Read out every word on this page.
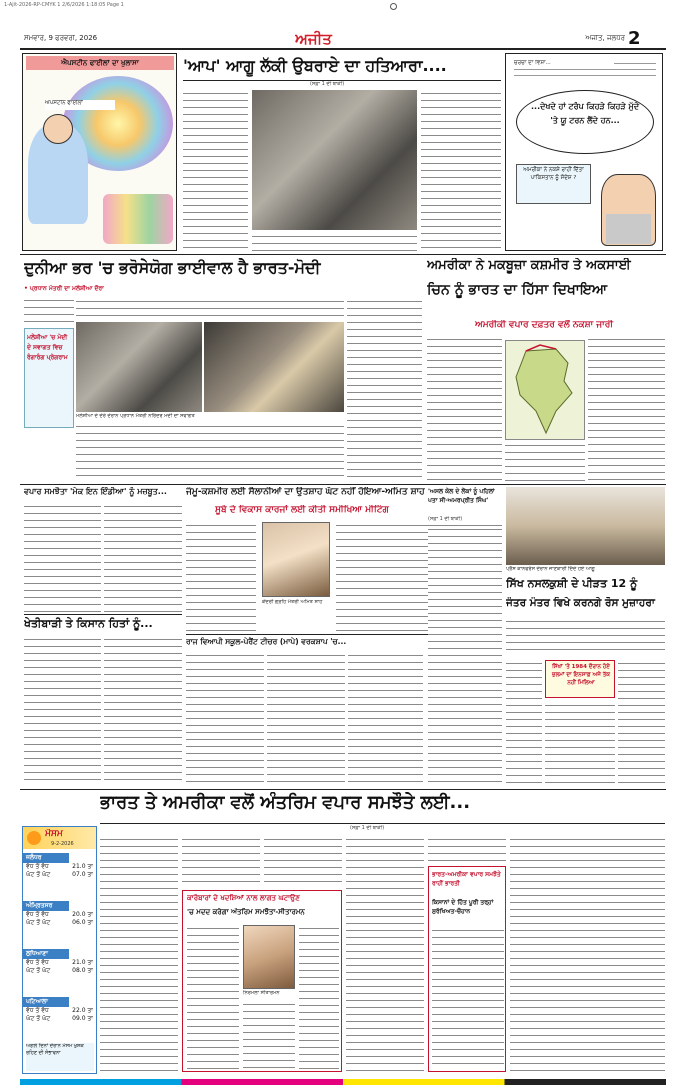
1-Ajit-2026-RP-CMYK 1 2/6/2026 1:18:05 Page 1
ਸੋਮਵਾਰ, 9 ਫਰਵਰੀ, 2026	ਅਜੀਤ	ਅਜੀਤ, ਜਲੰਧਰ 2
ਐਪਸਟੀਨ ਫਾਈਲਾਂ ਦਾ ਖੁਲਾਸਾ
ਐਪਸਟੀਨ ਫਾਈਲਾਂ
'ਆਪ' ਆਗੂ ਲੱਕੀ ਉਬਰਾਏ ਦਾ ਹਤਿਆਰਾ....
(ਸਫ਼ਾ 1 ਦੀ ਬਾਕੀ)
ਚਰਚਾ ਦਾ ਵਿਸ਼ਾ...
...ਦੇਖਦੇ ਹਾਂ ਟਰੰਪ ਕਿਹੜੇ ਕਿਹੜੇ ਮੁੱਦੇ 'ਤੇ ਯੂ ਟਰਨ ਲੈਂਦੇ ਹਨ...
ਅਮਰੀਕਾ ਨੇ ਨਕਸ਼ੇ ਰਾਹੀਂ ਦਿੱਤਾ ਪਾਕਿਸਤਾਨ ਨੂੰ ਸੰਦੇਸ਼ ?
ਦੁਨੀਆ ਭਰ 'ਚ ਭਰੋਸੇਯੋਗ ਭਾਈਵਾਲ ਹੈ ਭਾਰਤ-ਮੋਦੀ
• ਪ੍ਰਧਾਨ ਮੰਤਰੀ ਦਾ ਮਲੇਸ਼ੀਆ ਦੌਰਾ
ਮਲੇਸ਼ੀਆ 'ਚ ਮੋਦੀ ਦੇ ਸਵਾਗਤ ਵਿਚ ਰੰਗਾਰੰਗ ਪ੍ਰੋਗਰਾਮ
ਮਲੇਸ਼ੀਆ ਦੇ ਦੌਰੇ ਦੌਰਾਨ ਪ੍ਰਧਾਨ ਮੰਤਰੀ ਨਰਿੰਦਰ ਮੋਦੀ ਦਾ ਸਵਾਗਤ
ਅਮਰੀਕਾ ਨੇ ਮਕਬੂਜ਼ਾ ਕਸ਼ਮੀਰ ਤੇ ਅਕਸਾਈ
ਚਿਨ ਨੂੰ ਭਾਰਤ ਦਾ ਹਿੱਸਾ ਦਿਖਾਇਆ
ਅਮਰੀਕੀ ਵਪਾਰ ਦਫ਼ਤਰ ਵਲੋਂ ਨਕਸ਼ਾ ਜਾਰੀ
ਵਪਾਰ ਸਮਝੌਤਾ 'ਮੇਕ ਇਨ ਇੰਡੀਆ' ਨੂੰ ਮਜ਼ਬੂਤ...
ਖੇਤੀਬਾੜੀ ਤੇ ਕਿਸਾਨ ਹਿਤਾਂ ਨੂੰ...
ਜੰਮੂ-ਕਸ਼ਮੀਰ ਲਈ ਸੈਲਾਨੀਆਂ ਦਾ ਉਤਸ਼ਾਹ ਘੱਟ ਨਹੀਂ ਹੋਇਆ-ਅਮਿਤ ਸ਼ਾਹ
ਸੂਬੇ ਦੇ ਵਿਕਾਸ ਕਾਰਜਾਂ ਲਈ ਕੀਤੀ ਸਮੀਖਿਆ ਮੀਟਿੰਗ
ਕੇਂਦਰੀ ਗ੍ਰਹਿ ਮੰਤਰੀ ਅਮਿਤ ਸ਼ਾਹ
ਰਾਜ ਵਿਆਪੀ ਸਕੂਲ-ਪੇਰੈਂਟ ਟੀਚਰ (ਮਾਪੇ) ਵਰਕਸ਼ਾਪ 'ਚ...
'ਅਸਲ ਕੋਲ ਦੇ ਲੋਕਾਂ ਨੂੰ ਪਹਿਲਾਂ ਪਤਾ ਸੀ-ਅਮਰਪ੍ਰੀਤ ਸਿੰਘ'
(ਸਫ਼ਾ 1 ਦੀ ਬਾਕੀ)
ਪ੍ਰੈੱਸ ਕਾਨਫਰੰਸ ਦੌਰਾਨ ਜਾਣਕਾਰੀ ਦਿੰਦੇ ਹੋਏ ਆਗੂ
ਸਿੱਖ ਨਸਲਕੁਸ਼ੀ ਦੇ ਪੀੜਤ 12 ਨੂੰ
ਜੰਤਰ ਮੰਤਰ ਵਿਖੇ ਕਰਨਗੇ ਰੋਸ ਮੁਜ਼ਾਹਰਾ
ਸਿੱਖਾਂ 'ਤੇ 1984 ਦੌਰਾਨ ਹੋਏ ਜ਼ੁਲਮਾਂ ਦਾ ਇਨਸਾਫ਼ ਅਜੇ ਤੱਕ ਨਹੀਂ ਮਿਲਿਆ
ਭਾਰਤ ਤੇ ਅਮਰੀਕਾ ਵਲੋਂ ਅੰਤਰਿਮ ਵਪਾਰ ਸਮਝੌਤੇ ਲਈ...
(ਸਫ਼ਾ 1 ਦੀ ਬਾਕੀ)
ਮੌਸਮ
9-2-2026
ਜਲੰਧਰ
ਵੱਧ ਤੋਂ ਵੱਧ	21.0 ਤਾ
ਘੱਟ ਤੋਂ ਘੱਟ	07.0 ਤਾ
ਅੰਮ੍ਰਿਤਸਰ
ਵੱਧ ਤੋਂ ਵੱਧ	20.0 ਤਾ
ਘੱਟ ਤੋਂ ਘੱਟ	06.0 ਤਾ
ਲੁਧਿਆਣਾ
ਵੱਧ ਤੋਂ ਵੱਧ	21.0 ਤਾ
ਘੱਟ ਤੋਂ ਘੱਟ	08.0 ਤਾ
ਪਟਿਆਲਾ
ਵੱਧ ਤੋਂ ਵੱਧ	22.0 ਤਾ
ਘੱਟ ਤੋਂ ਘੱਟ	09.0 ਤਾ
ਅਗਲੇ ਦਿਨਾਂ ਦੌਰਾਨ ਮੌਸਮ ਖੁਸ਼ਕ ਰਹਿਣ ਦੀ ਸੰਭਾਵਨਾ
ਕਾਰੋਬਾਰਾਂ ਦੇ ਖਦਸ਼ਿਆਂ ਨਾਲ ਲਾਗਤ ਘਟਾਉਣ
'ਚ ਮਦਦ ਕਰੇਗਾ ਅੰਤਰਿਮ ਸਮਝੌਤਾ-ਸੀਤਾਰਮਨ
ਨਿਰਮਲਾ ਸੀਤਾਰਮਨ
ਭਾਰਤ-ਅਮਰੀਕਾ ਵਪਾਰ ਸਮਝੌਤੇ ਰਾਹੀਂ ਭਾਰਤੀ
ਕਿਸਾਨਾਂ ਦੇ ਹਿੱਤ ਪੂਰੀ ਤਰ੍ਹਾਂ ਸੁਰੱਖਿਅਤ-ਚੌਹਾਨ
